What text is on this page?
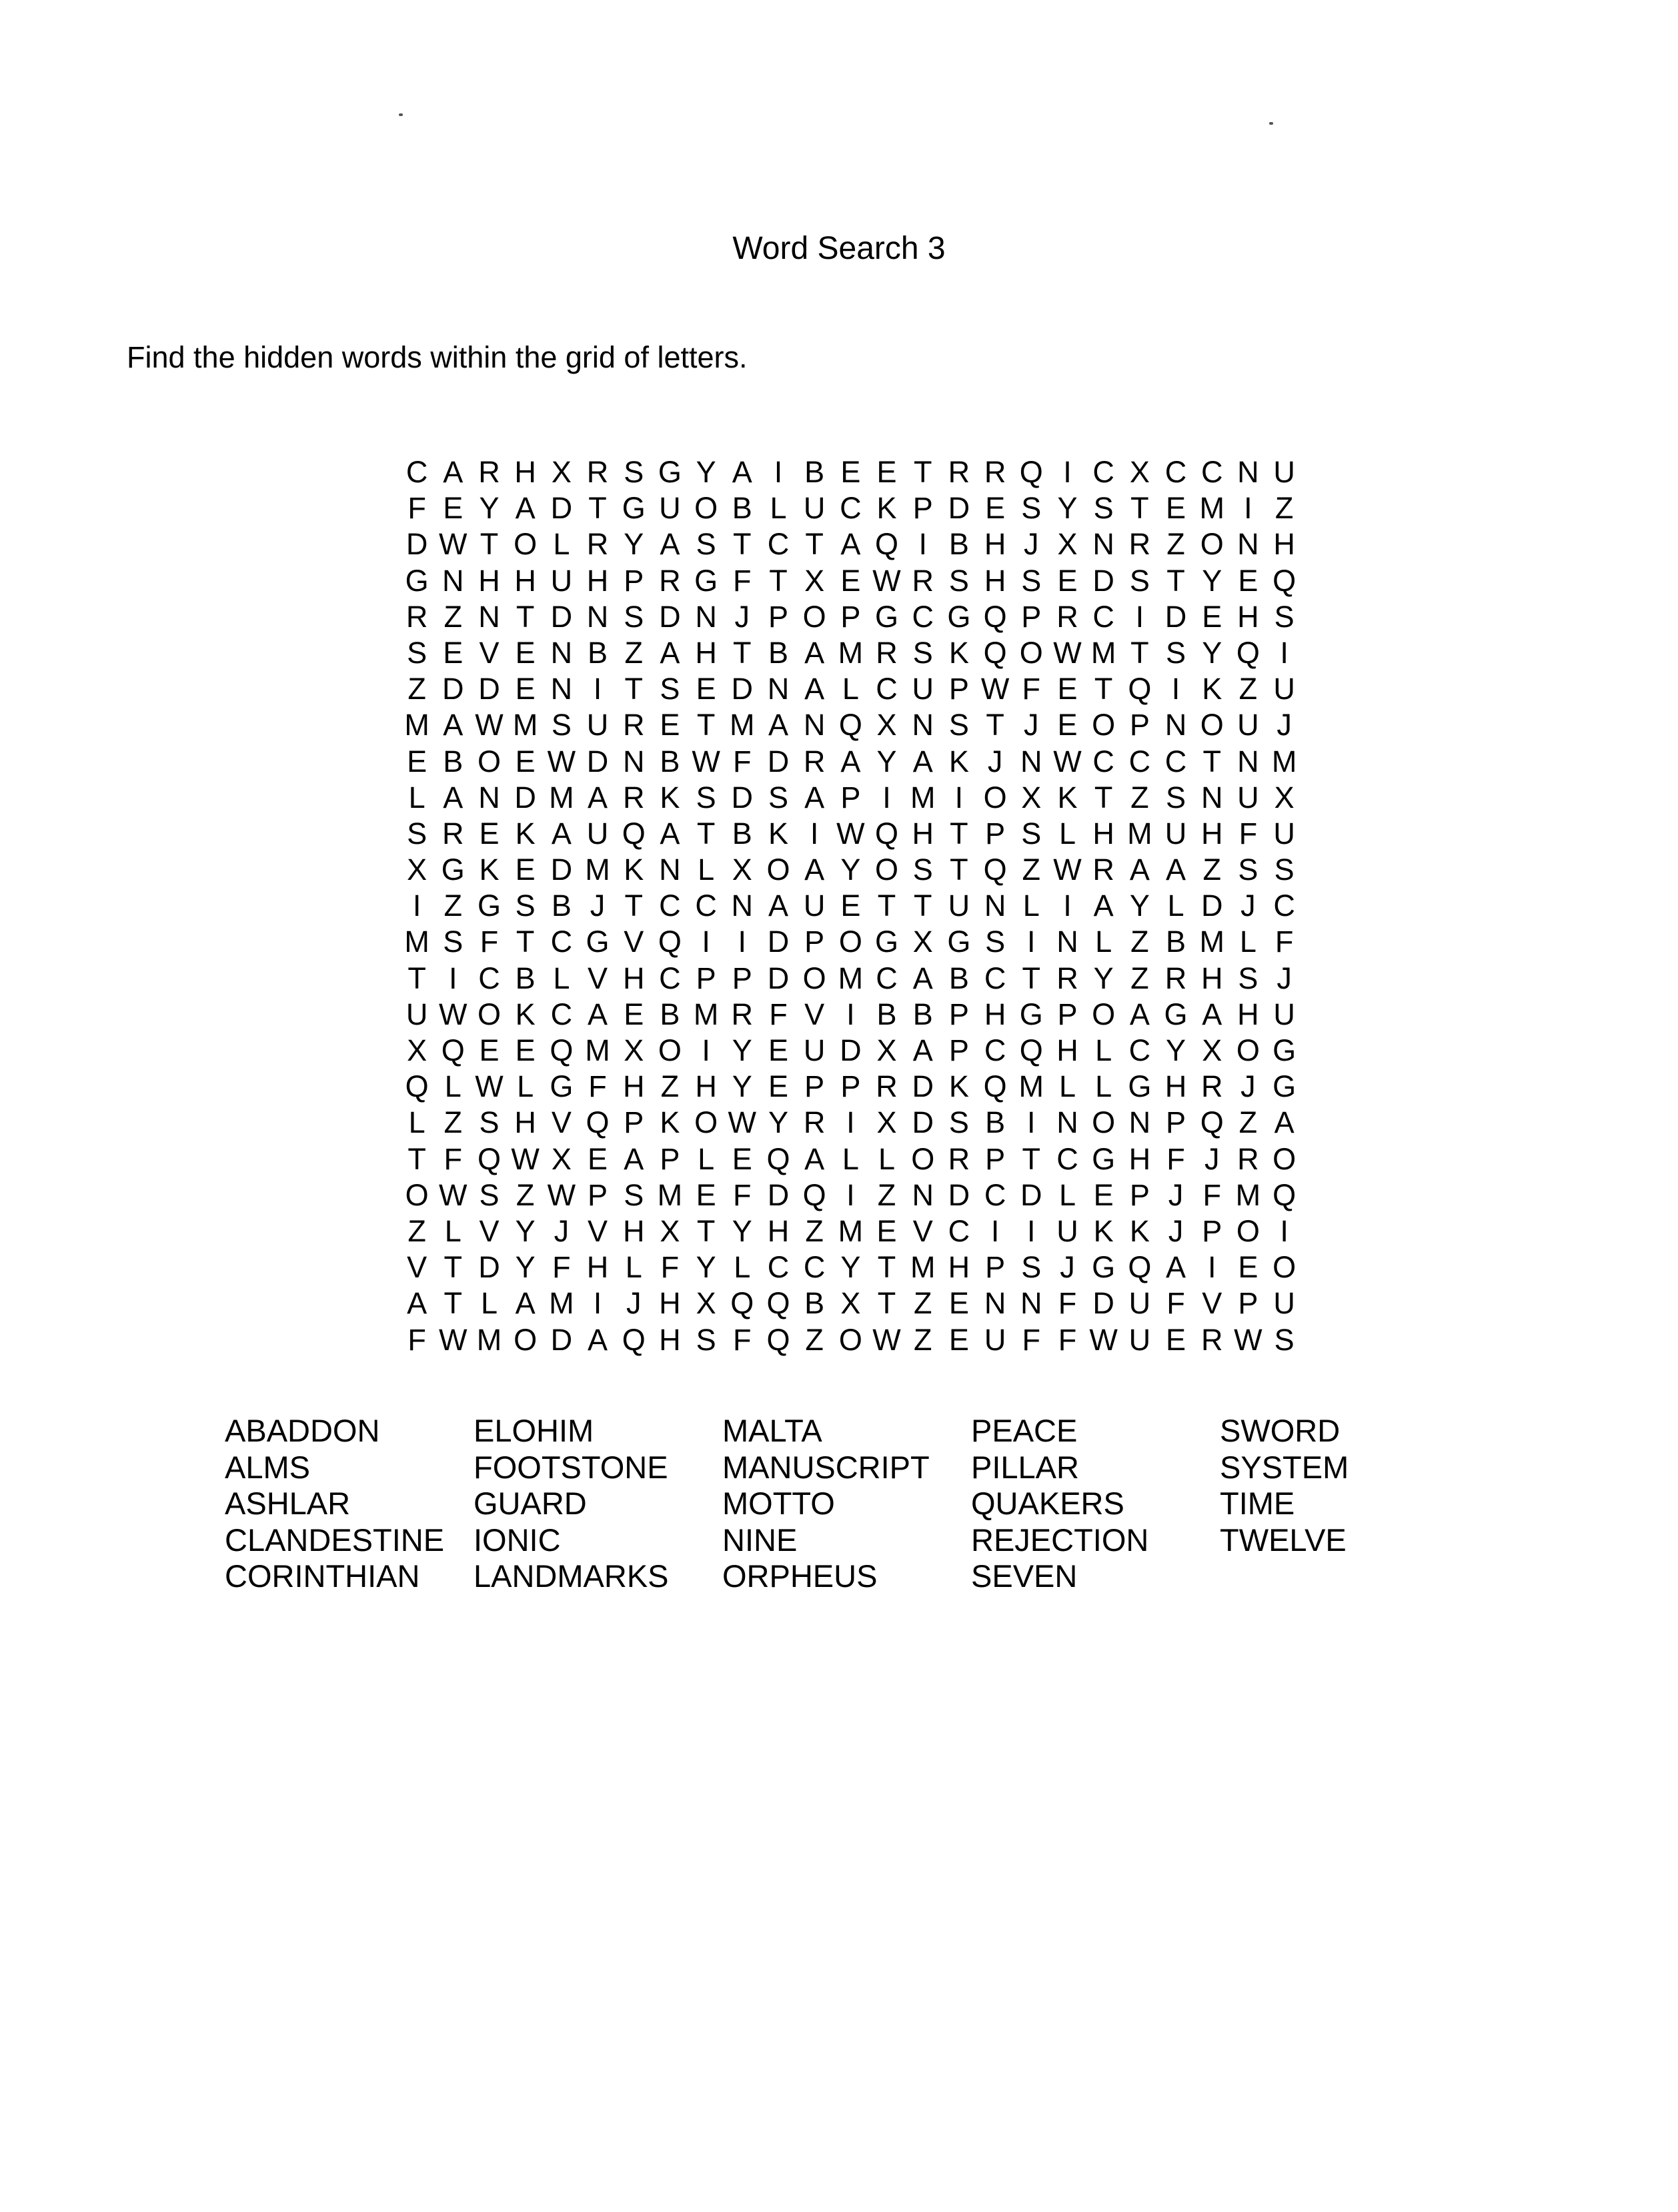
Word Search 3
Find the hidden words within the grid of letters.
C A R H X R S G Y A I B E E T R R Q I C X C C N U
F E Y A D T G U O B L U C K P D E S Y S T E M I Z
D W T O L R Y A S T C T A Q I B H J X N R Z O N H
G N H H U H P R G F T X E W R S H S E D S T Y E Q
R Z N T D N S D N J P O P G C G Q P R C I D E H S
S E V E N B Z A H T B A M R S K Q O W M T S Y Q I
Z D D E N I T S E D N A L C U P W F E T Q I K Z U
M A W M S U R E T M A N Q X N S T J E O P N O U J
E B O E W D N B W F D R A Y A K J N W C C C T N M
L A N D M A R K S D S A P I M I O X K T Z S N U X
S R E K A U Q A T B K I W Q H T P S L H M U H F U
X G K E D M K N L X O A Y O S T Q Z W R A A Z S S
I Z G S B J T C C N A U E T T U N L I A Y L D J C
M S F T C G V Q I I D P O G X G S I N L Z B M L F
T I C B L V H C P P D O M C A B C T R Y Z R H S J
U W O K C A E B M R F V I B B P H G P O A G A H U
X Q E E Q M X O I Y E U D X A P C Q H L C Y X O G
Q L W L G F H Z H Y E P P R D K Q M L L G H R J G
L Z S H V Q P K O W Y R I X D S B I N O N P Q Z A
T F Q W X E A P L E Q A L L O R P T C G H F J R O
O W S Z W P S M E F D Q I Z N D C D L E P J F M Q
Z L V Y J V H X T Y H Z M E V C I I U K K J P O I
V T D Y F H L F Y L C C Y T M H P S J G Q A I E O
A T L A M I J H X Q Q B X T Z E N N F D U F V P U
F W M O D A Q H S F Q Z O W Z E U F F W U E R W S
ABADDON
ALMS
ASHLAR
CLANDESTINE
CORINTHIAN
ELOHIM
FOOTSTONE
GUARD
IONIC
LANDMARKS
MALTA
MANUSCRIPT
MOTTO
NINE
ORPHEUS
PEACE
PILLAR
QUAKERS
REJECTION
SEVEN
SWORD
SYSTEM
TIME
TWELVE
